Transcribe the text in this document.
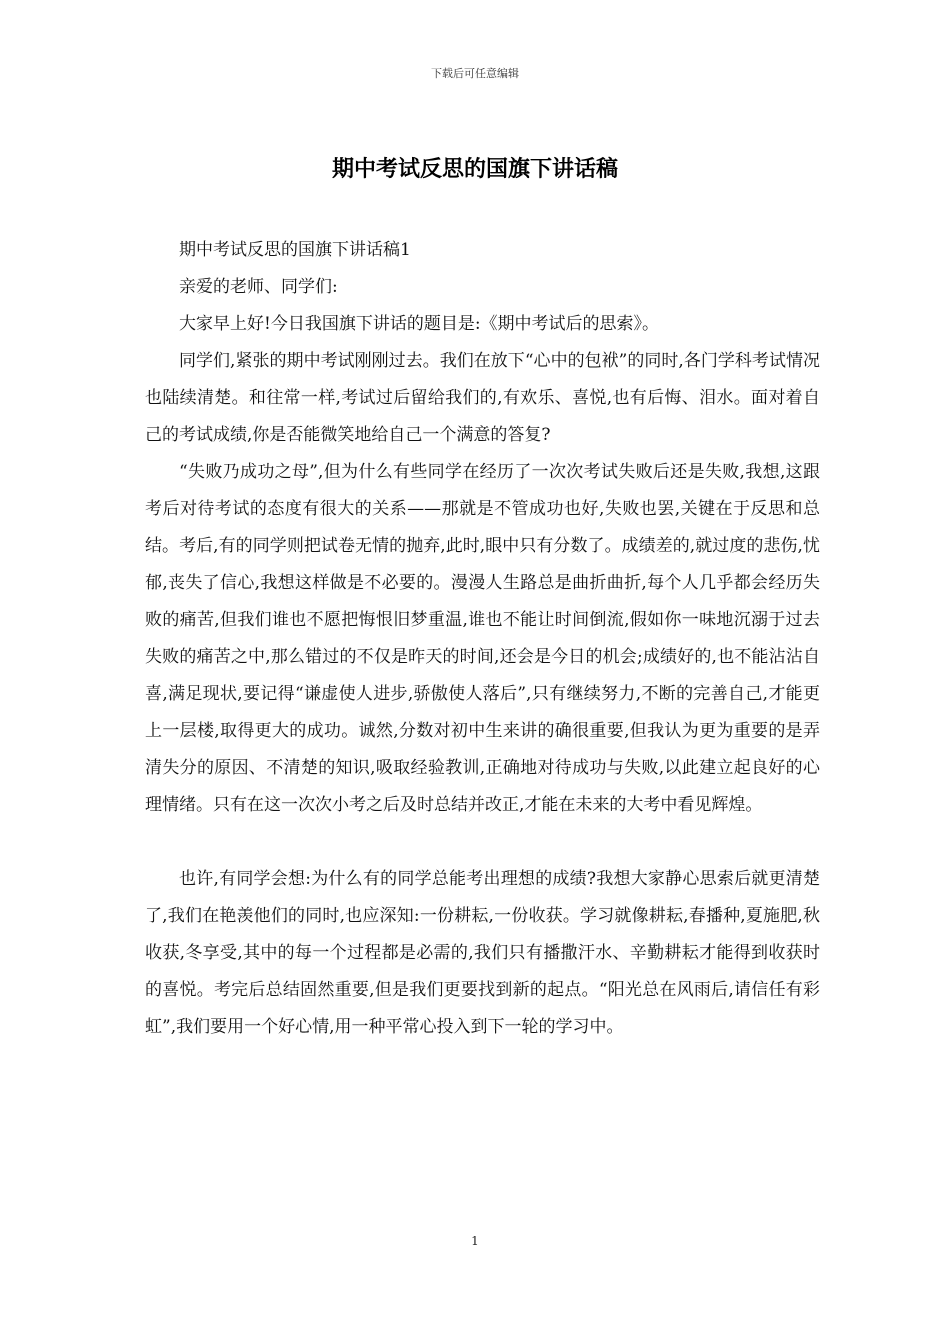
下载后可任意编辑
期中考试反思的国旗下讲话稿

期中考试反思的国旗下讲话稿1

亲爱的老师、同学们:

大家早上好!今日我国旗下讲话的题目是:《期中考试后的思索》。

同学们,紧张的期中考试刚刚过去。我们在放下“心中的包袱”的同时,各门学科考试情况也陆续清楚。和往常一样,考试过后留给我们的,有欢乐、喜悦,也有后悔、泪水。面对着自己的考试成绩,你是否能微笑地给自己一个满意的答复?

“失败乃成功之母”,但为什么有些同学在经历了一次次考试失败后还是失败,我想,这跟考后对待考试的态度有很大的关系——那就是不管成功也好,失败也罢,关键在于反思和总结。考后,有的同学则把试卷无情的抛弃,此时,眼中只有分数了。成绩差的,就过度的悲伤,忧郁,丧失了信心,我想这样做是不必要的。漫漫人生路总是曲折曲折,每个人几乎都会经历失败的痛苦,但我们谁也不愿把悔恨旧梦重温,谁也不能让时间倒流,假如你一味地沉溺于过去失败的痛苦之中,那么错过的不仅是昨天的时间,还会是今日的机会;成绩好的,也不能沾沾自喜,满足现状,要记得“谦虚使人进步,骄傲使人落后”,只有继续努力,不断的完善自己,才能更上一层楼,取得更大的成功。诚然,分数对初中生来讲的确很重要,但我认为更为重要的是弄清失分的原因、不清楚的知识,吸取经验教训,正确地对待成功与失败,以此建立起良好的心理情绪。只有在这一次次小考之后及时总结并改正,才能在未来的大考中看见辉煌。

也许,有同学会想:为什么有的同学总能考出理想的成绩?我想大家静心思索后就更清楚了,我们在艳羡他们的同时,也应深知:一份耕耘,一份收获。学习就像耕耘,春播种,夏施肥,秋收获,冬享受,其中的每一个过程都是必需的,我们只有播撒汗水、辛勤耕耘才能得到收获时的喜悦。考完后总结固然重要,但是我们更要找到新的起点。“阳光总在风雨后,请信任有彩虹”,我们要用一个好心情,用一种平常心投入到下一轮的学习中。

1
